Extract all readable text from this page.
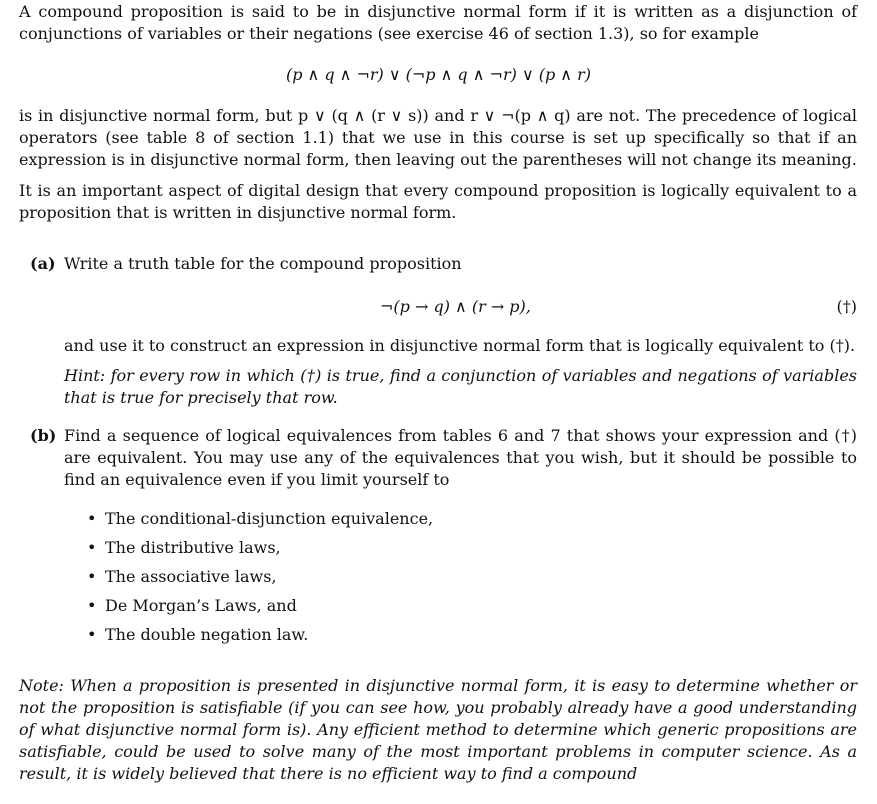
A compound proposition is said to be in disjunctive normal form if it is written as a disjunction of conjunctions of variables or their negations (see exercise 46 of section 1.3), so for example

(p ∧ q ∧ ¬r) ∨ (¬p ∧ q ∧ ¬r) ∨ (p ∧ r)

is in disjunctive normal form, but p ∨ (q ∧ (r ∨ s)) and r ∨ ¬(p ∧ q) are not. The precedence of logical operators (see table 8 of section 1.1) that we use in this course is set up specifically so that if an expression is in disjunctive normal form, then leaving out the parentheses will not change its meaning.

It is an important aspect of digital design that every compound proposition is logically equivalent to a proposition that is written in disjunctive normal form.

(a) Write a truth table for the compound proposition

¬(p → q) ∧ (r → p),	(†)

and use it to construct an expression in disjunctive normal form that is logically equivalent to (†).

Hint: for every row in which (†) is true, find a conjunction of variables and negations of variables that is true for precisely that row.

(b) Find a sequence of logical equivalences from tables 6 and 7 that shows your expression and (†) are equivalent. You may use any of the equivalences that you wish, but it should be possible to find an equivalence even if you limit yourself to

• The conditional-disjunction equivalence,
• The distributive laws,
• The associative laws,
• De Morgan’s Laws, and
• The double negation law.

Note: When a proposition is presented in disjunctive normal form, it is easy to determine whether or not the proposition is satisfiable (if you can see how, you probably already have a good understanding of what disjunctive normal form is). Any efficient method to determine which generic propositions are satisfiable, could be used to solve many of the most important problems in computer science. As a result, it is widely believed that there is no efficient way to find a compound
